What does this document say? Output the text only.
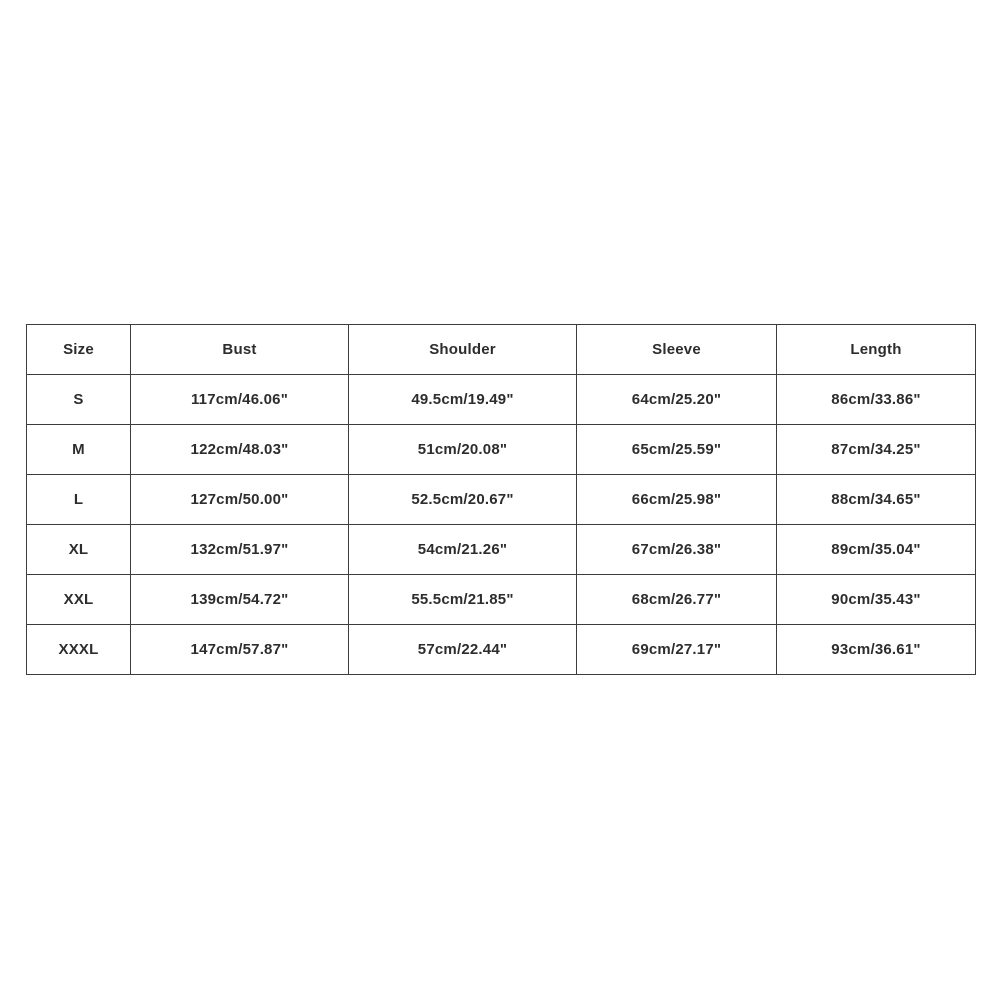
Size	Bust	Shoulder	Sleeve	Length
S	117cm/46.06"	49.5cm/19.49"	64cm/25.20"	86cm/33.86"
M	122cm/48.03"	51cm/20.08"	65cm/25.59"	87cm/34.25"
L	127cm/50.00"	52.5cm/20.67"	66cm/25.98"	88cm/34.65"
XL	132cm/51.97"	54cm/21.26"	67cm/26.38"	89cm/35.04"
XXL	139cm/54.72"	55.5cm/21.85"	68cm/26.77"	90cm/35.43"
XXXL	147cm/57.87"	57cm/22.44"	69cm/27.17"	93cm/36.61"
